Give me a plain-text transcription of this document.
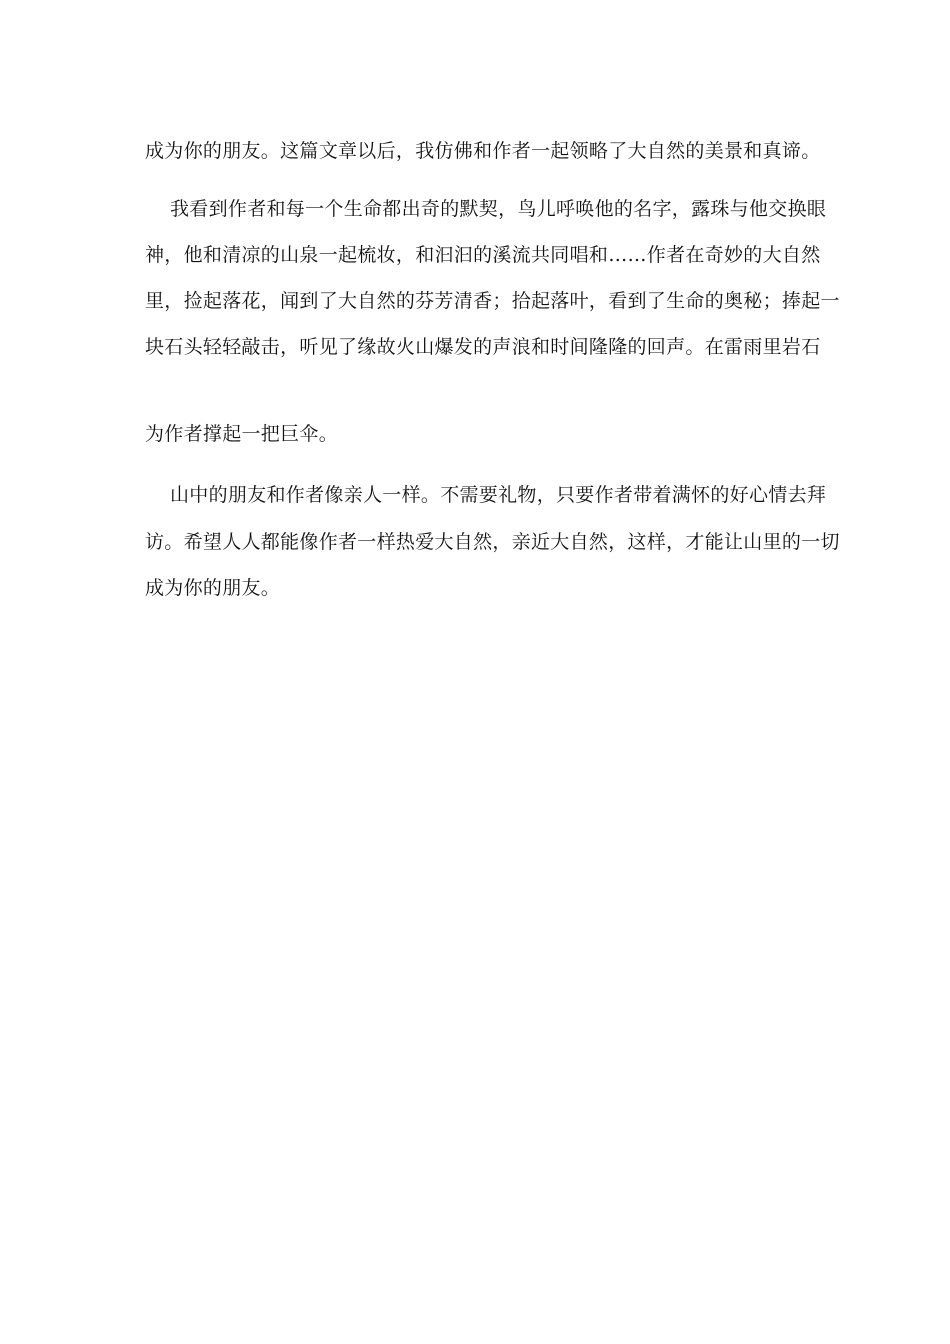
成为你的朋友。这篇文章以后，我仿佛和作者一起领略了大自然的美景和真谛。
我看到作者和每一个生命都出奇的默契，鸟儿呼唤他的名字，露珠与他交换眼
神，他和清凉的山泉一起梳妆，和汩汩的溪流共同唱和……作者在奇妙的大自然
里，捡起落花，闻到了大自然的芬芳清香；拾起落叶，看到了生命的奥秘；捧起一
块石头轻轻敲击，听见了缘故火山爆发的声浪和时间隆隆的回声。在雷雨里岩石
为作者撑起一把巨伞。
山中的朋友和作者像亲人一样。不需要礼物，只要作者带着满怀的好心情去拜
访。希望人人都能像作者一样热爱大自然，亲近大自然，这样，才能让山里的一切
成为你的朋友。
